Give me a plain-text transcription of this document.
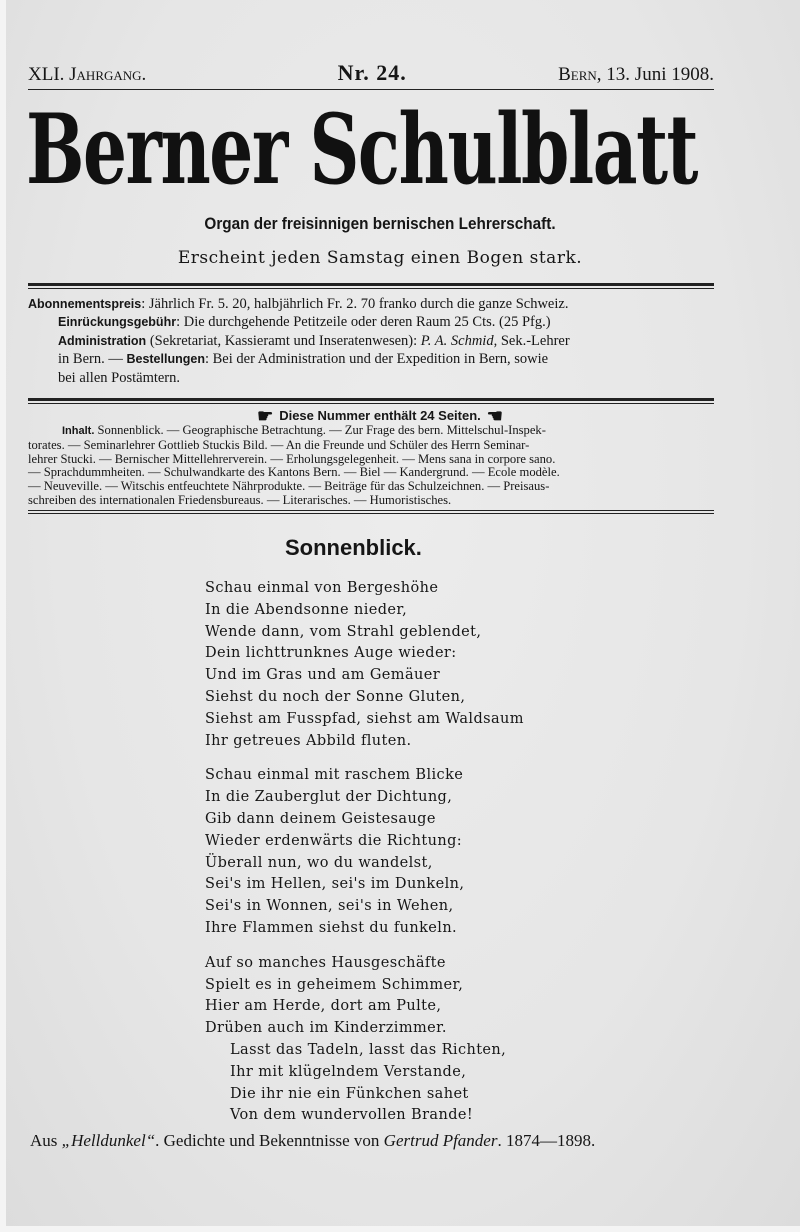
XLI. Jahrgang.	Nr. 24.	Bern, 13. Juni 1908.
Berner Schulblatt
Organ der freisinnigen bernischen Lehrerschaft.
Erscheint jeden Samstag einen Bogen stark.

Abonnementspreis: Jährlich Fr. 5. 20, halbjährlich Fr. 2. 70 franko durch die ganze Schweiz.

Einrückungsgebühr: Die durchgehende Petitzeile oder deren Raum 25 Cts. (25 Pfg.)

Administration (Sekretariat, Kassieramt und Inseratenwesen): P. A. Schmid, Sek.-Lehrer

in Bern. — Bestellungen: Bei der Administration und der Expedition in Bern, sowie

bei allen Postämtern.

☛ Diese Nummer enthält 24 Seiten. ☚
Inhalt. Sonnenblick. — Geographische Betrachtung. — Zur Frage des bern. Mittelschul-Inspek-
torates. — Seminarlehrer Gottlieb Stuckis Bild. — An die Freunde und Schüler des Herrn Seminar-
lehrer Stucki. — Bernischer Mittellehrerverein. — Erholungsgelegenheit. — Mens sana in corpore sano.
— Sprachdummheiten. — Schulwandkarte des Kantons Bern. — Biel — Kandergrund. — Ecole modèle.
— Neuveville. — Witschis entfeuchtete Nährprodukte. — Beiträge für das Schulzeichnen. — Preisaus-
schreiben des internationalen Friedensbureaus. — Literarisches. — Humoristisches.
Sonnenblick.
Schau einmal von Bergeshöhe
In die Abendsonne nieder,
Wende dann, vom Strahl geblendet,
Dein lichttrunknes Auge wieder:
Und im Gras und am Gemäuer
Siehst du noch der Sonne Gluten,
Siehst am Fusspfad, siehst am Waldsaum
Ihr getreues Abbild fluten.
Schau einmal mit raschem Blicke
In die Zauberglut der Dichtung,
Gib dann deinem Geistesauge
Wieder erdenwärts die Richtung:
Überall nun, wo du wandelst,
Sei's im Hellen, sei's im Dunkeln,
Sei's in Wonnen, sei's in Wehen,
Ihre Flammen siehst du funkeln.
Auf so manches Hausgeschäfte
Spielt es in geheimem Schimmer,
Hier am Herde, dort am Pulte,
Drüben auch im Kinderzimmer.
Lasst das Tadeln, lasst das Richten,
Ihr mit klügelndem Verstande,
Die ihr nie ein Fünkchen sahet
Von dem wundervollen Brande!
Aus „Helldunkel“. Gedichte und Bekenntnisse von Gertrud Pfander. 1874—1898.
